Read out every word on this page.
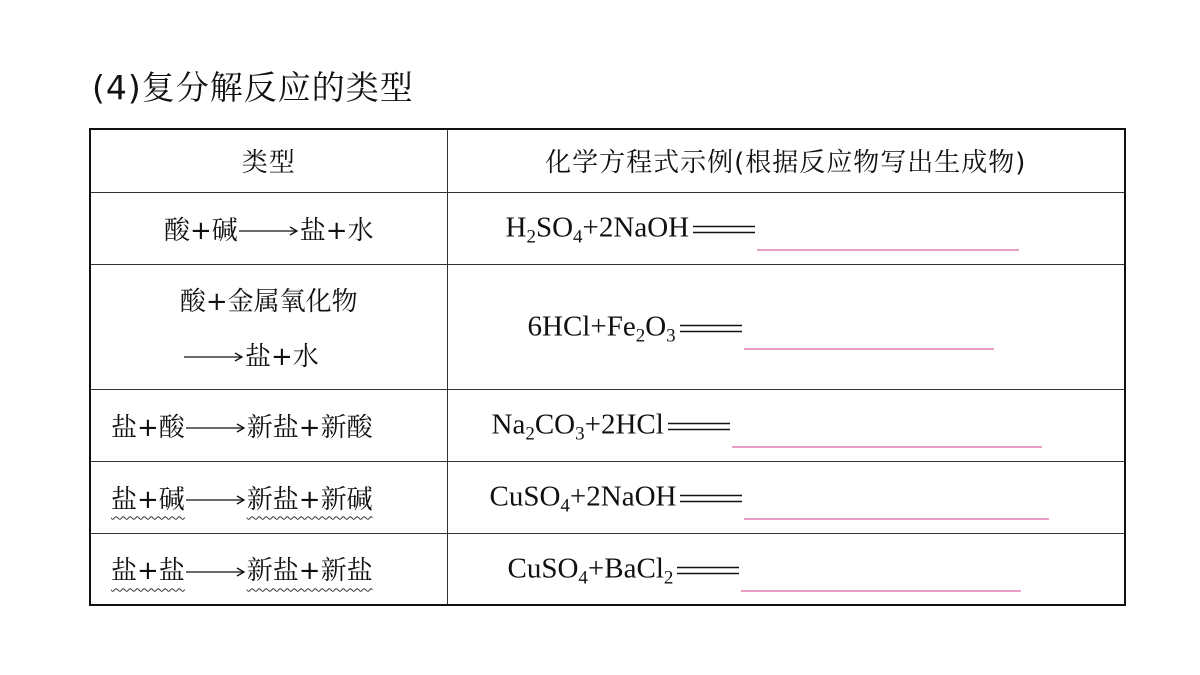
(4)复分解反应的类型
类型	化学方程式示例(根据反应物写出生成物)
酸+碱 盐+水	$H_2SO_4+2NaOH$

酸+金属氧化物
盐+水	$6HCl+Fe_2O_3$

盐+酸 新盐+新酸	$Na_2CO_3+2HCl$

盐+碱 新盐+新碱	CuSO$_4$+2NaOH

盐+盐 新盐+新盐	CuSO$_4$+BaCl$_2$
